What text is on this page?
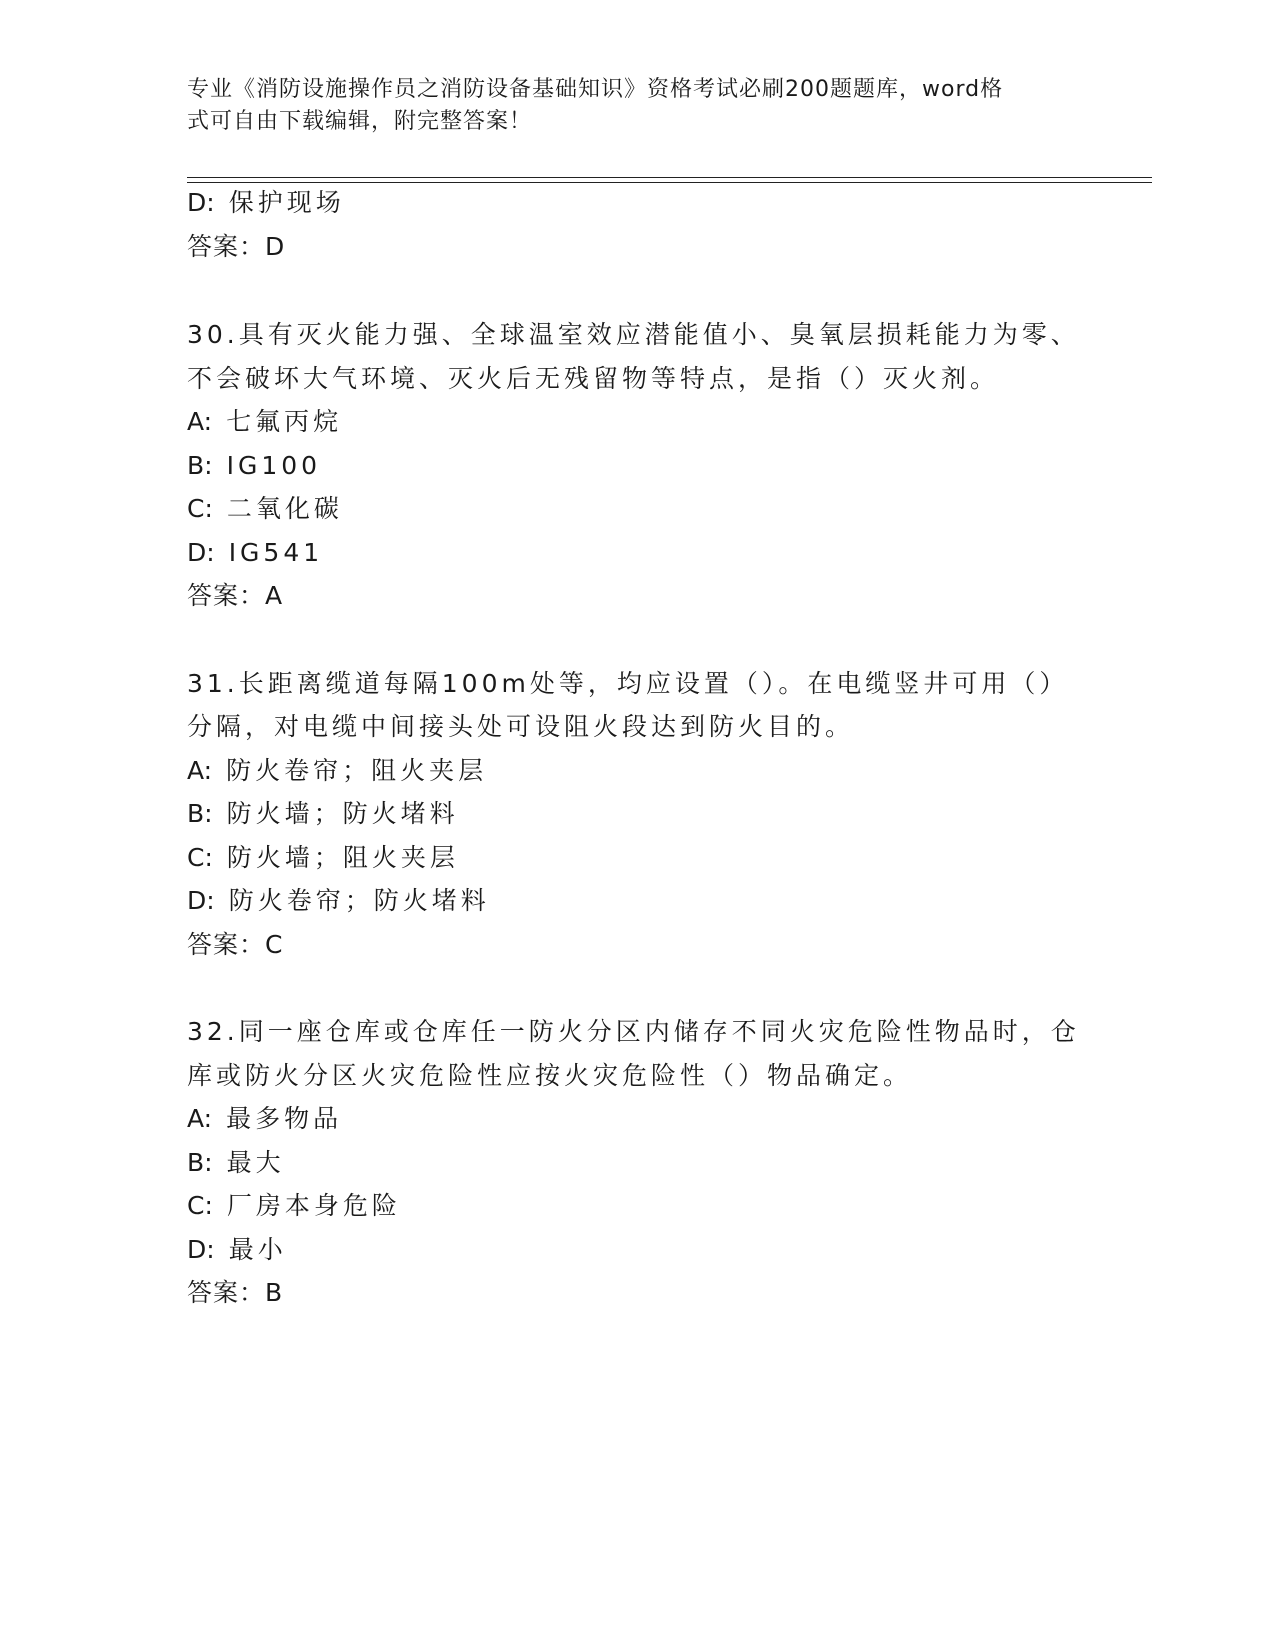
专业《消防设施操作员之消防设备基础知识》资格考试必刷200题题库，word格
式可自由下载编辑，附完整答案！
D: 保护现场
答案：D
30.具有灭火能力强、全球温室效应潜能值小、臭氧层损耗能力为零、
不会破坏大气环境、灭火后无残留物等特点，是指（）灭火剂。
A: 七氟丙烷
B: IG100
C: 二氧化碳
D: IG541
答案：A
31.长距离缆道每隔100m处等，均应设置（）。在电缆竖井可用（）
分隔，对电缆中间接头处可设阻火段达到防火目的。
A: 防火卷帘；阻火夹层
B: 防火墙；防火堵料
C: 防火墙；阻火夹层
D: 防火卷帘；防火堵料
答案：C
32.同一座仓库或仓库任一防火分区内储存不同火灾危险性物品时，仓
库或防火分区火灾危险性应按火灾危险性（）物品确定。
A: 最多物品
B: 最大
C: 厂房本身危险
D: 最小
答案：B
